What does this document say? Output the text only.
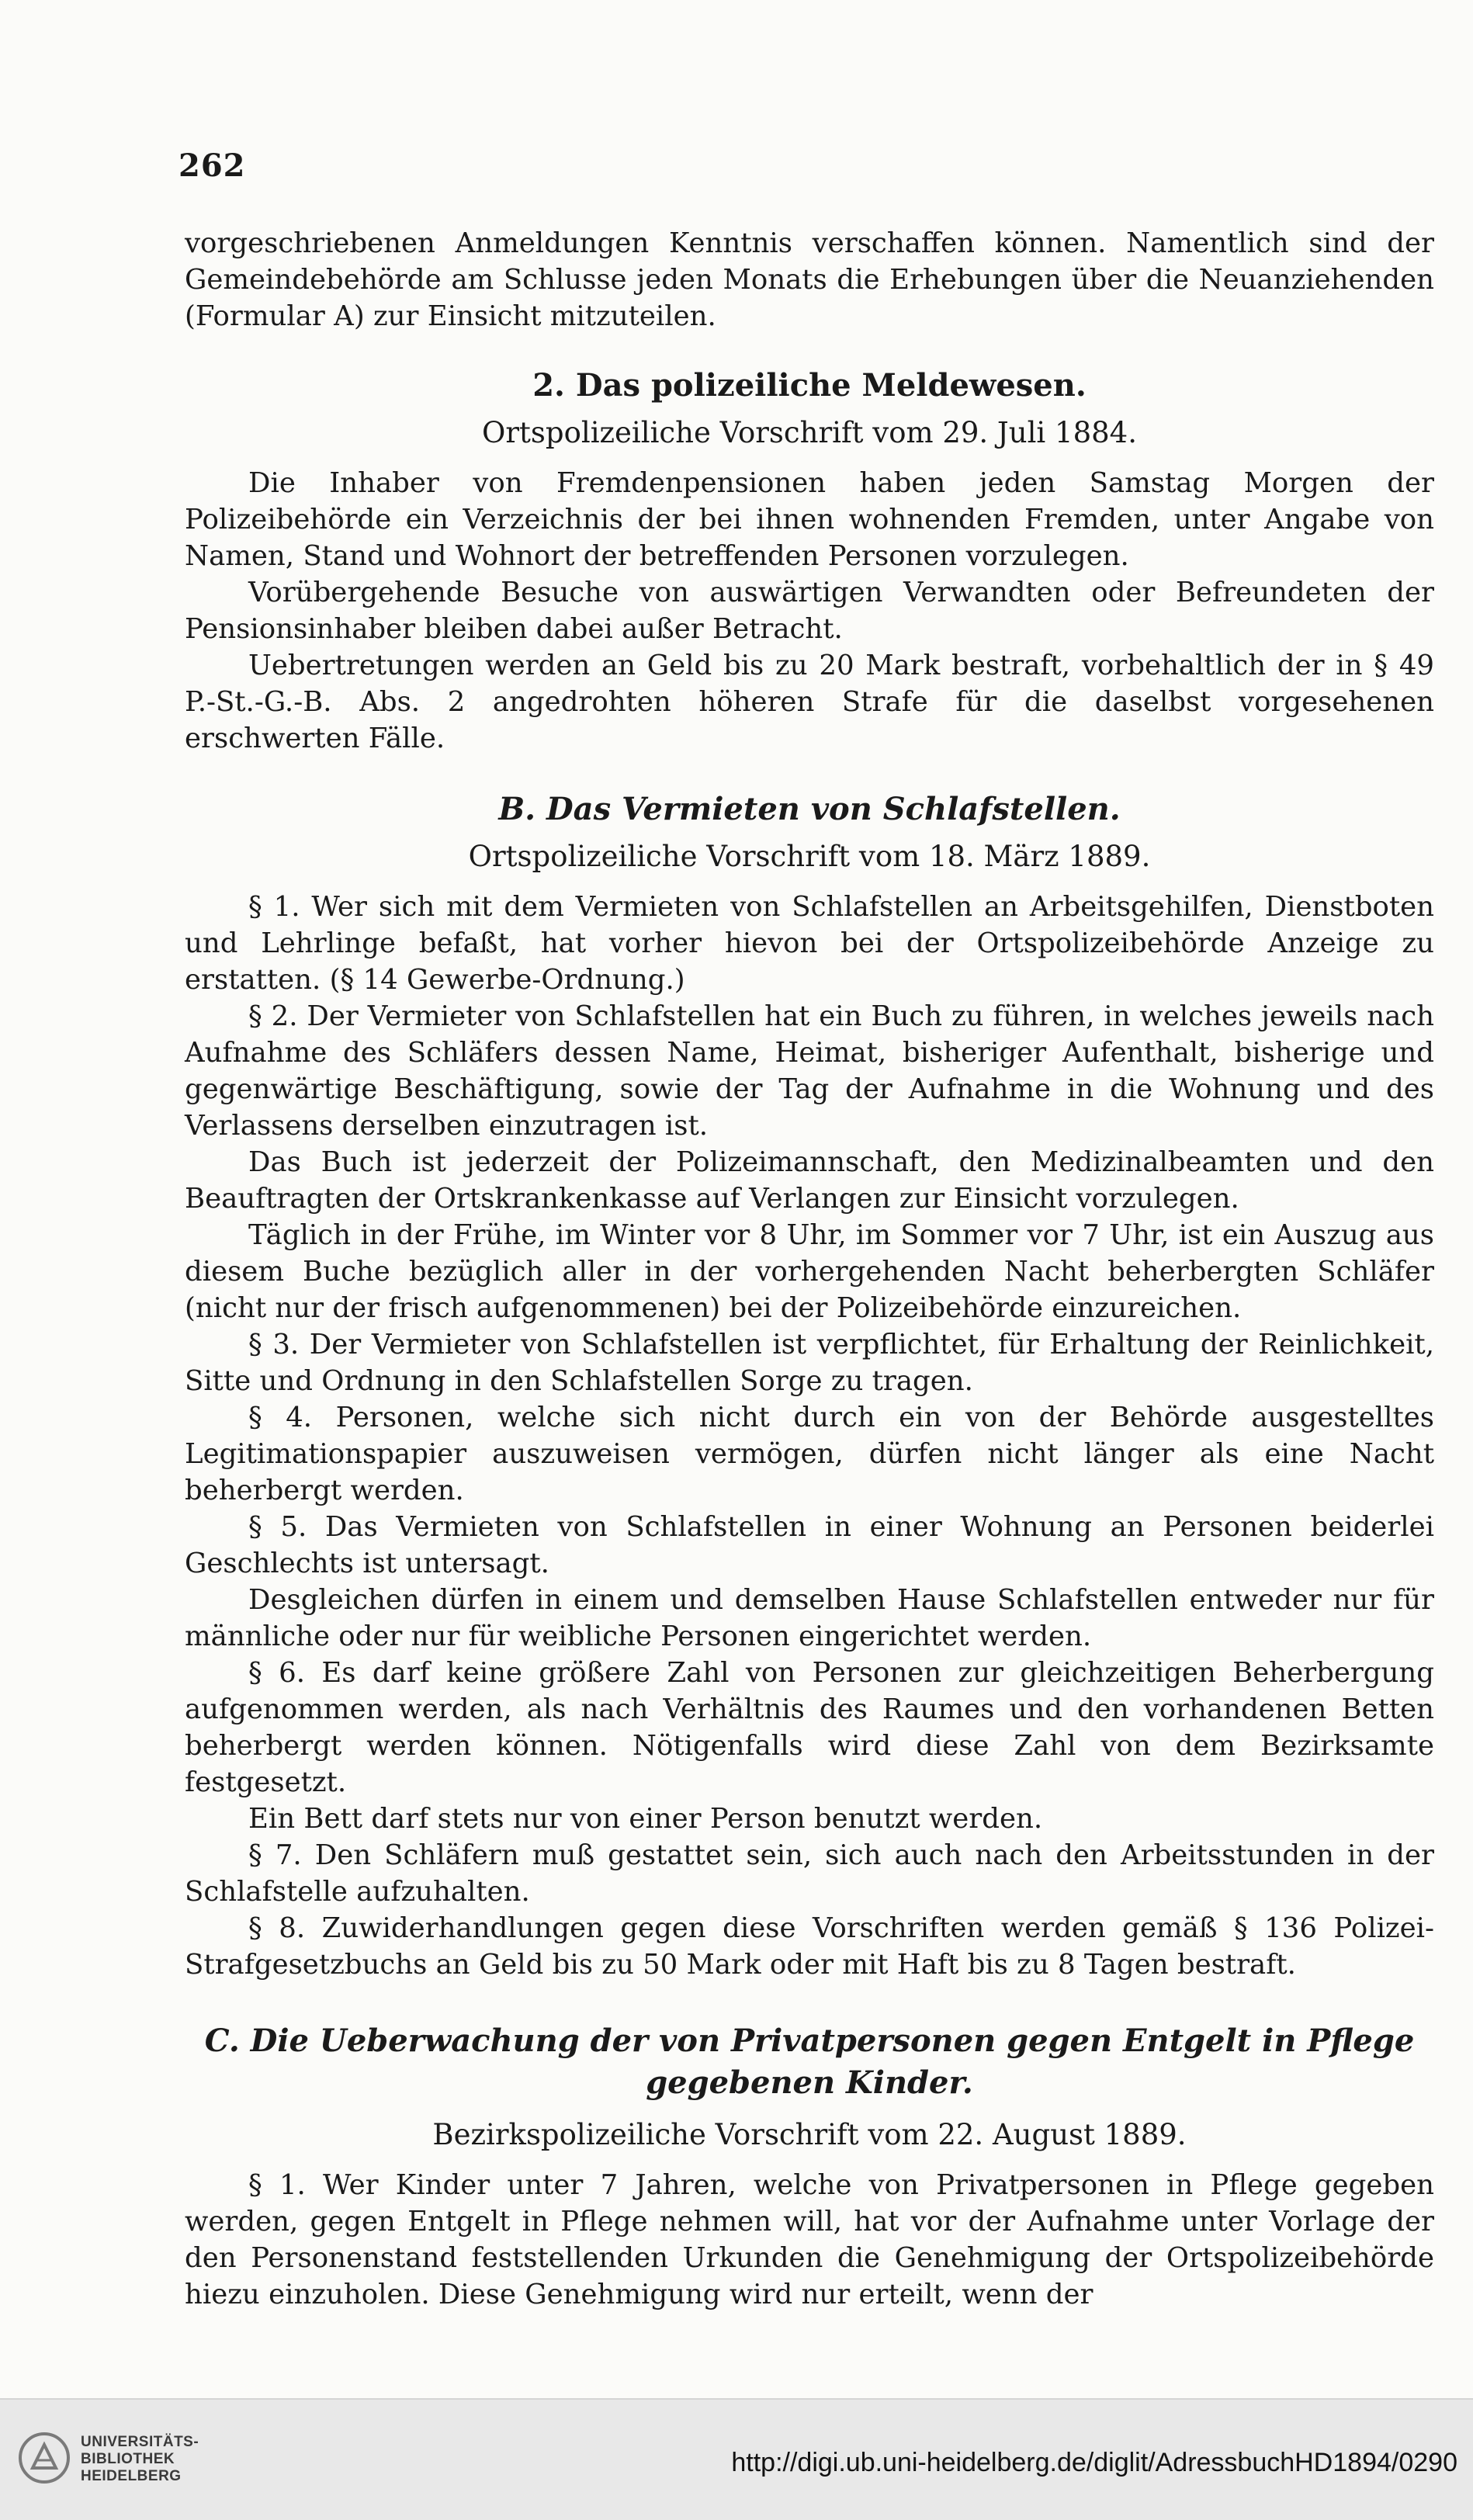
262

vorgeschriebenen Anmeldungen Kenntnis verschaffen können. Namentlich sind der Gemeindebehörde am Schlusse jeden Monats die Erhebungen über die Neuanziehenden (Formular A) zur Einsicht mitzuteilen.

2. Das polizeiliche Meldewesen.
Ortspolizeiliche Vorschrift vom 29. Juli 1884.

Die Inhaber von Fremdenpensionen haben jeden Samstag Morgen der Polizeibehörde ein Verzeichnis der bei ihnen wohnenden Fremden, unter Angabe von Namen, Stand und Wohnort der betreffenden Personen vorzulegen.

Vorübergehende Besuche von auswärtigen Verwandten oder Befreundeten der Pensionsinhaber bleiben dabei außer Betracht.

Uebertretungen werden an Geld bis zu 20 Mark bestraft, vorbehaltlich der in § 49 P.-St.-G.-B. Abs. 2 angedrohten höheren Strafe für die daselbst vorgesehenen erschwerten Fälle.

B. Das Vermieten von Schlafstellen.
Ortspolizeiliche Vorschrift vom 18. März 1889.

§ 1. Wer sich mit dem Vermieten von Schlafstellen an Arbeitsgehilfen, Dienstboten und Lehrlinge befaßt, hat vorher hievon bei der Ortspolizeibehörde Anzeige zu erstatten. (§ 14 Gewerbe-Ordnung.)

§ 2. Der Vermieter von Schlafstellen hat ein Buch zu führen, in welches jeweils nach Aufnahme des Schläfers dessen Name, Heimat, bisheriger Aufenthalt, bisherige und gegenwärtige Beschäftigung, sowie der Tag der Aufnahme in die Wohnung und des Verlassens derselben einzutragen ist.

Das Buch ist jederzeit der Polizeimannschaft, den Medizinalbeamten und den Beauftragten der Ortskrankenkasse auf Verlangen zur Einsicht vorzulegen.

Täglich in der Frühe, im Winter vor 8 Uhr, im Sommer vor 7 Uhr, ist ein Auszug aus diesem Buche bezüglich aller in der vorhergehenden Nacht beherbergten Schläfer (nicht nur der frisch aufgenommenen) bei der Polizeibehörde einzureichen.

§ 3. Der Vermieter von Schlafstellen ist verpflichtet, für Erhaltung der Reinlichkeit, Sitte und Ordnung in den Schlafstellen Sorge zu tragen.

§ 4. Personen, welche sich nicht durch ein von der Behörde ausgestelltes Legitimationspapier auszuweisen vermögen, dürfen nicht länger als eine Nacht beherbergt werden.

§ 5. Das Vermieten von Schlafstellen in einer Wohnung an Personen beiderlei Geschlechts ist untersagt.

Desgleichen dürfen in einem und demselben Hause Schlafstellen entweder nur für männliche oder nur für weibliche Personen eingerichtet werden.

§ 6. Es darf keine größere Zahl von Personen zur gleichzeitigen Beherbergung aufgenommen werden, als nach Verhältnis des Raumes und den vorhandenen Betten beherbergt werden können. Nötigenfalls wird diese Zahl von dem Bezirksamte festgesetzt.

Ein Bett darf stets nur von einer Person benutzt werden.

§ 7. Den Schläfern muß gestattet sein, sich auch nach den Arbeitsstunden in der Schlafstelle aufzuhalten.

§ 8. Zuwiderhandlungen gegen diese Vorschriften werden gemäß § 136 Polizei-Strafgesetzbuchs an Geld bis zu 50 Mark oder mit Haft bis zu 8 Tagen bestraft.

C. Die Ueberwachung der von Privatpersonen gegen Entgelt in Pflege gegebenen Kinder.
Bezirkspolizeiliche Vorschrift vom 22. August 1889.

§ 1. Wer Kinder unter 7 Jahren, welche von Privatpersonen in Pflege gegeben werden, gegen Entgelt in Pflege nehmen will, hat vor der Aufnahme unter Vorlage der den Personenstand feststellenden Urkunden die Genehmigung der Ortspolizeibehörde hiezu einzuholen. Diese Genehmigung wird nur erteilt, wenn der

UNIVERSITÄTS-
BIBLIOTHEK
HEIDELBERG	http://digi.ub.uni-heidelberg.de/diglit/AdressbuchHD1894/0290
